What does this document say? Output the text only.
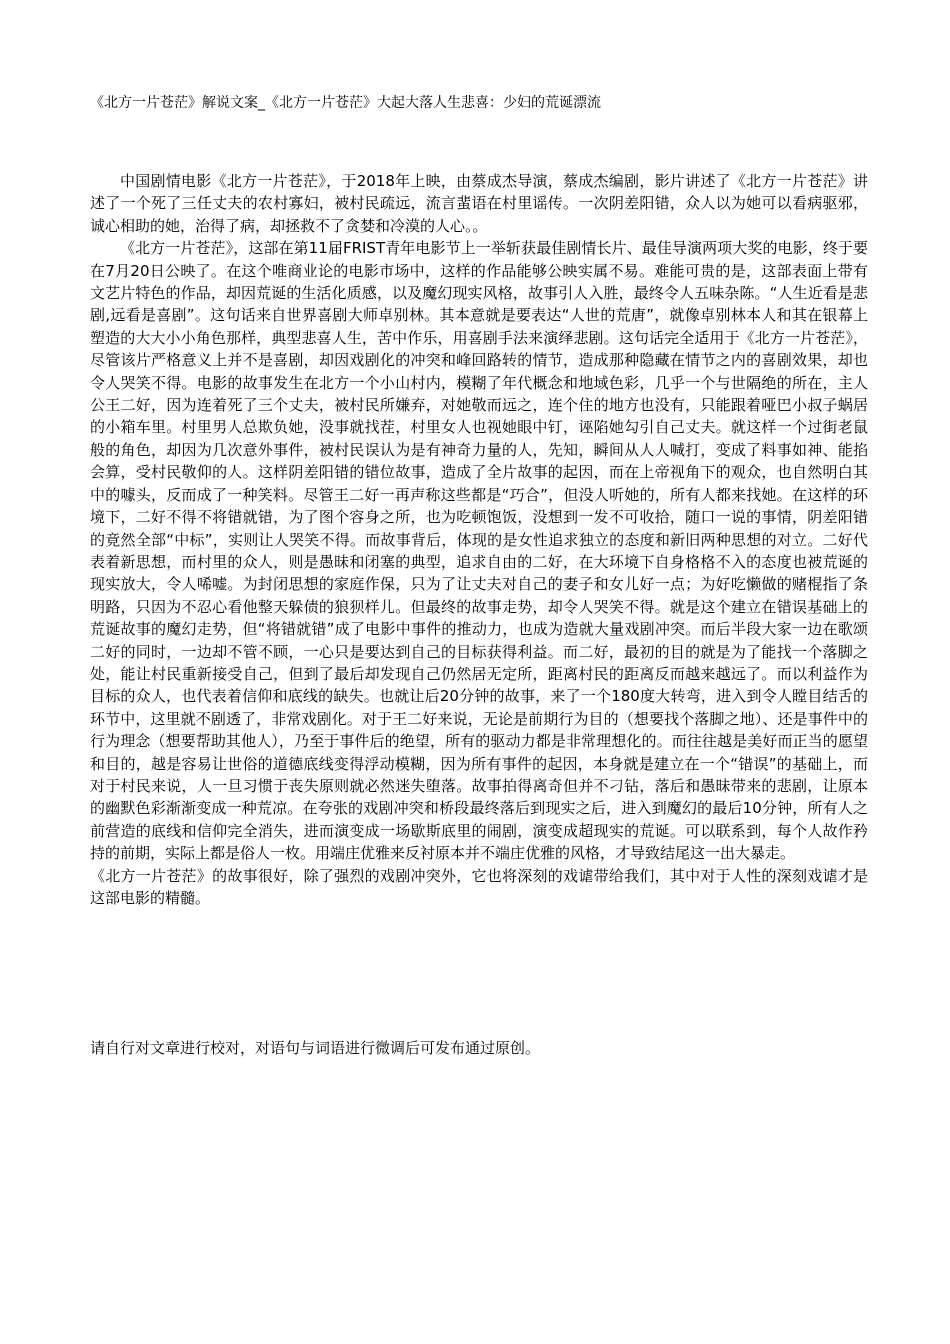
《北方一片苍茫》解说文案_《北方一片苍茫》大起大落人生悲喜：少妇的荒诞漂流

中国剧情电影《北方一片苍茫》，于2018年上映，由蔡成杰导演，蔡成杰编剧，影片讲述了《北方一片苍茫》讲述了一个死了三任丈夫的农村寡妇，被村民疏远，流言蜚语在村里谣传。一次阴差阳错，众人以为她可以看病驱邪，诚心相助的她，治得了病，却拯救不了贪婪和冷漠的人心。。

《北方一片苍茫》，这部在第11届FRIST青年电影节上一举斩获最佳剧情长片、最佳导演两项大奖的电影，终于要在7月20日公映了。在这个唯商业论的电影市场中，这样的作品能够公映实属不易。难能可贵的是，这部表面上带有文艺片特色的作品，却因荒诞的生活化质感，以及魔幻现实风格，故事引人入胜，最终令人五味杂陈。“人生近看是悲剧,远看是喜剧”。这句话来自世界喜剧大师卓别林。其本意就是要表达“人世的荒唐”，就像卓别林本人和其在银幕上塑造的大大小小角色那样，典型悲喜人生，苦中作乐，用喜剧手法来演绎悲剧。这句话完全适用于《北方一片苍茫》，尽管该片严格意义上并不是喜剧，却因戏剧化的冲突和峰回路转的情节，造成那种隐藏在情节之内的喜剧效果，却也令人哭笑不得。电影的故事发生在北方一个小山村内，模糊了年代概念和地域色彩，几乎一个与世隔绝的所在，主人公王二好，因为连着死了三个丈夫，被村民所嫌弃，对她敬而远之，连个住的地方也没有，只能跟着哑巴小叔子蜗居的小箱车里。村里男人总欺负她，没事就找茬，村里女人也视她眼中钉，诬陷她勾引自己丈夫。就这样一个过街老鼠般的角色，却因为几次意外事件，被村民误认为是有神奇力量的人，先知，瞬间从人人喊打，变成了料事如神、能掐会算，受村民敬仰的人。这样阴差阳错的错位故事，造成了全片故事的起因，而在上帝视角下的观众，也自然明白其中的噱头，反而成了一种笑料。尽管王二好一再声称这些都是“巧合”，但没人听她的，所有人都来找她。在这样的环境下，二好不得不将错就错，为了图个容身之所，也为吃顿饱饭，没想到一发不可收拾，随口一说的事情，阴差阳错的竟然全部“中标”，实则让人哭笑不得。而故事背后，体现的是女性追求独立的态度和新旧两种思想的对立。二好代表着新思想，而村里的众人，则是愚昧和闭塞的典型，追求自由的二好，在大环境下自身格格不入的态度也被荒诞的现实放大，令人唏嘘。为封闭思想的家庭作保，只为了让丈夫对自己的妻子和女儿好一点；为好吃懒做的赌棍指了条明路，只因为不忍心看他整天躲债的狼狈样儿。但最终的故事走势，却令人哭笑不得。就是这个建立在错误基础上的荒诞故事的魔幻走势，但“将错就错”成了电影中事件的推动力，也成为造就大量戏剧冲突。而后半段大家一边在歌颂二好的同时，一边却不管不顾，一心只是要达到自己的目标获得利益。而二好，最初的目的就是为了能找一个落脚之处，能让村民重新接受自己，但到了最后却发现自己仍然居无定所，距离村民的距离反而越来越远了。而以利益作为目标的众人，也代表着信仰和底线的缺失。也就让后20分钟的故事，来了一个180度大转弯，进入到令人瞠目结舌的环节中，这里就不剧透了，非常戏剧化。对于王二好来说，无论是前期行为目的（想要找个落脚之地）、还是事件中的行为理念（想要帮助其他人），乃至于事件后的绝望，所有的驱动力都是非常理想化的。而往往越是美好而正当的愿望和目的，越是容易让世俗的道德底线变得浮动模糊，因为所有事件的起因，本身就是建立在一个“错误”的基础上，而对于村民来说，人一旦习惯于丧失原则就必然迷失堕落。故事拍得离奇但并不刁钻，落后和愚昧带来的悲剧，让原本的幽默色彩渐渐变成一种荒凉。在夸张的戏剧冲突和桥段最终落后到现实之后，进入到魔幻的最后10分钟，所有人之前营造的底线和信仰完全消失，进而演变成一场歇斯底里的闹剧，演变成超现实的荒诞。可以联系到，每个人故作矜持的前期，实际上都是俗人一枚。用端庄优雅来反衬原本并不端庄优雅的风格，才导致结尾这一出大暴走。

《北方一片苍茫》的故事很好，除了强烈的戏剧冲突外，它也将深刻的戏谑带给我们，其中对于人性的深刻戏谑才是这部电影的精髓。

请自行对文章进行校对，对语句与词语进行微调后可发布通过原创。
